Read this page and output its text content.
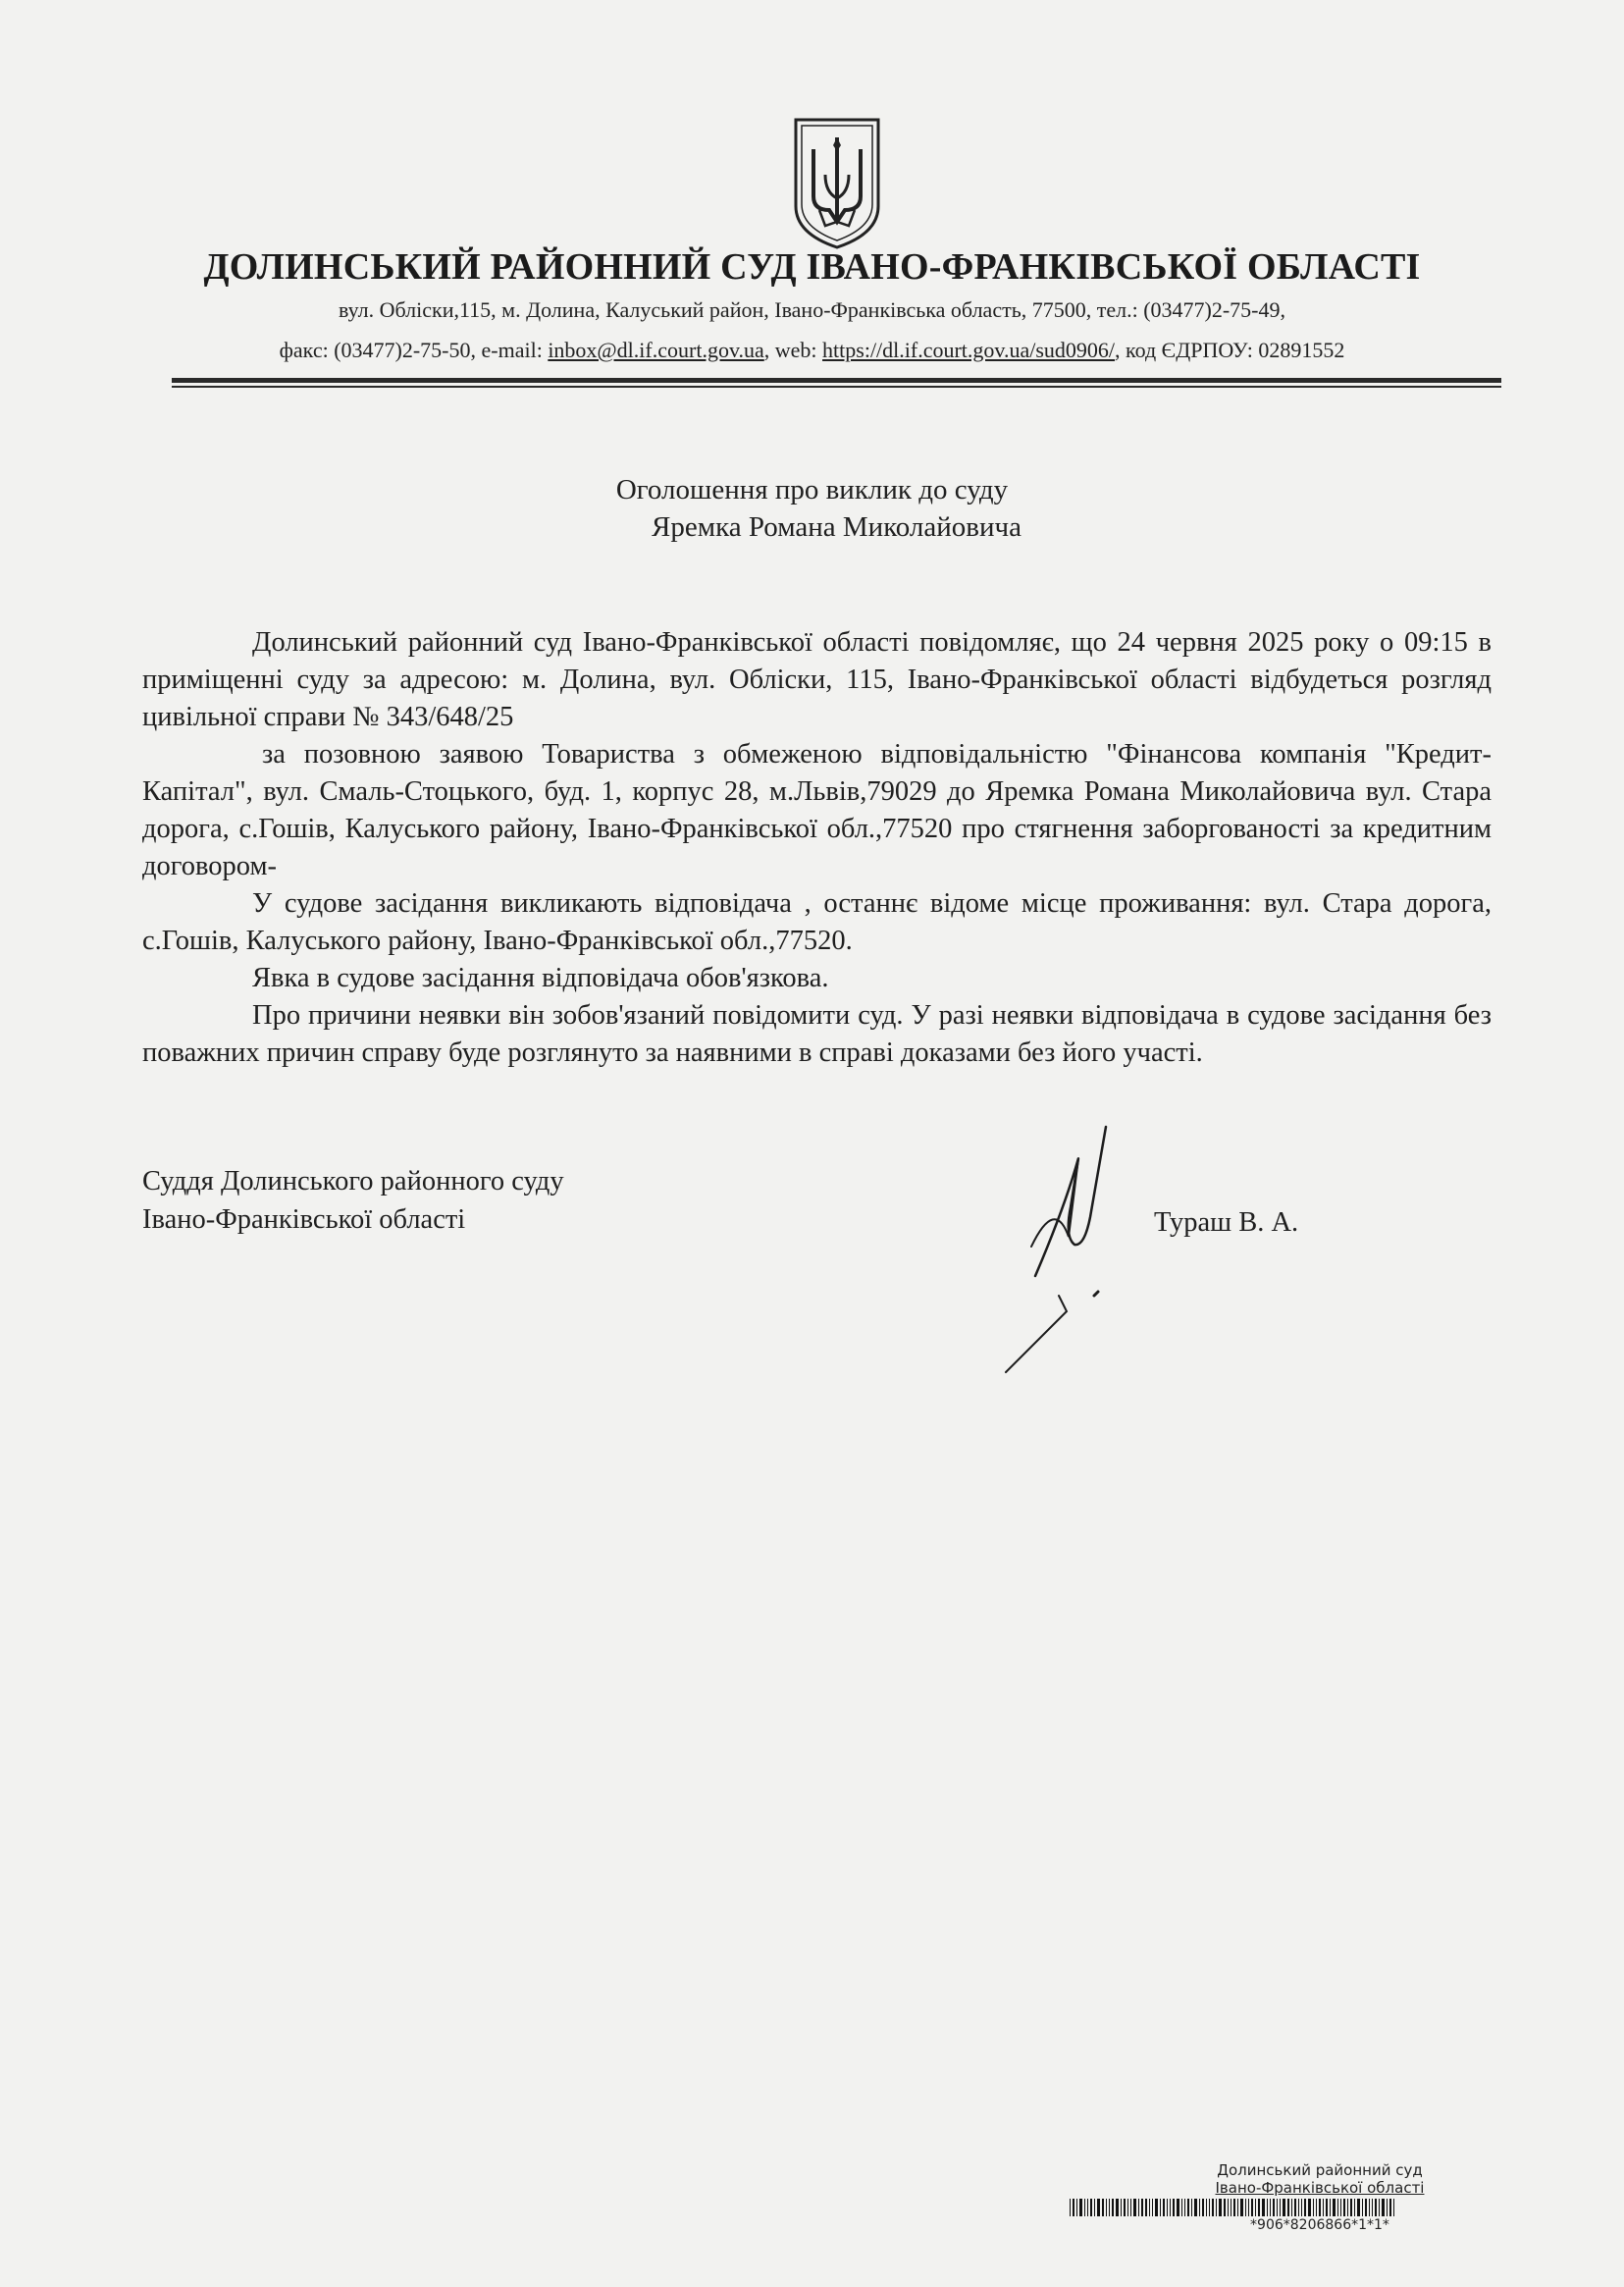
ДОЛИНСЬКИЙ РАЙОННИЙ СУД ІВАНО-ФРАНКІВСЬКОЇ ОБЛАСТІ
вул. Обліски,115, м. Долина, Калуський район, Івано-Франківська область, 77500, тел.: (03477)2-75-49,
факс: (03477)2-75-50, e-mail: inbox@dl.if.court.gov.ua, web: https://dl.if.court.gov.ua/sud0906/, код ЄДРПОУ: 02891552
Оголошення про виклик до суду
Яремка Романа Миколайовича

Долинський районний суд Івано-Франківської області повідомляє, що 24 червня 2025 року о 09:15 в приміщенні суду за адресою: м. Долина, вул. Обліски, 115, Івано-Франківської області відбудеться розгляд цивільної справи № 343/648/25

за позовною заявою Товариства з обмеженою відповідальністю "Фінансова компанія "Кредит-Капітал", вул. Смаль-Стоцького, буд. 1, корпус 28, м.Львів,79029 до Яремка Романа Миколайовича вул. Стара дорога, с.Гошів, Калуського району, Івано-Франківської обл.,77520 про стягнення заборгованості за кредитним договором-

У судове засідання викликають відповідача , останнє відоме місце проживання: вул. Стара дорога, с.Гошів, Калуського району, Івано-Франківської обл.,77520.

Явка в судове засідання відповідача обов'язкова.

Про причини неявки він зобов'язаний повідомити суд. У разі неявки відповідача в судове засідання без поважних причин справу буде розглянуто за наявними в справі доказами без його участі.

Суддя Долинського районного суду
Івано-Франківської області	Тураш В. А.
Долинський районний суд
Івано-Франківської області
*906*8206866*1*1*
